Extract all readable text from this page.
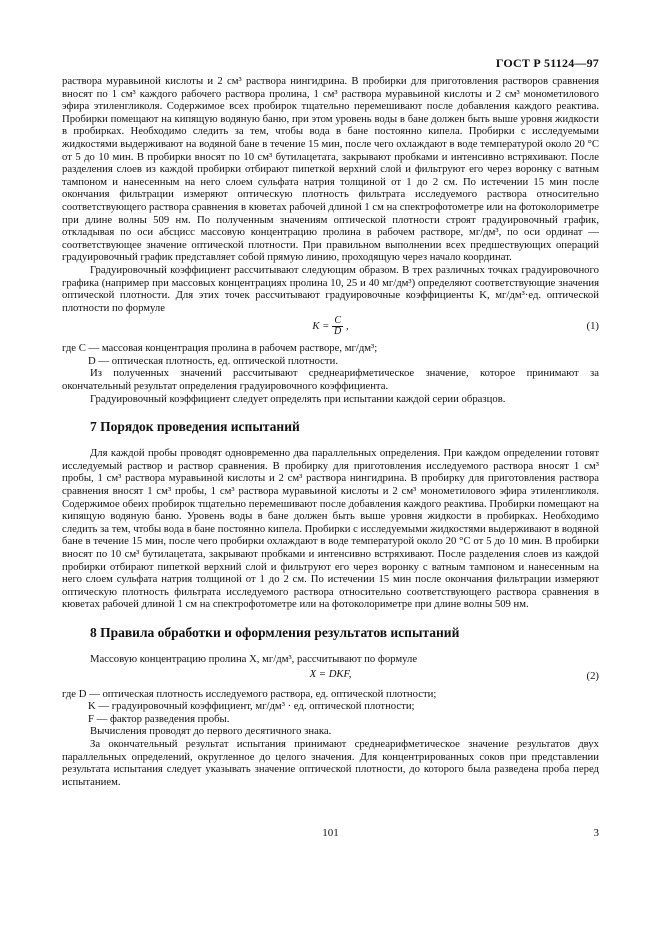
ГОСТ Р 51124—97

раствора муравьиной кислоты и 2 см³ раствора нингидрина. В пробирки для приготовления растворов сравнения вносят по 1 см³ каждого рабочего раствора пролина, 1 см³ раствора муравьиной кислоты и 2 см³ монометилового эфира этиленгликоля. Содержимое всех пробирок тщательно перемешивают после добавления каждого реактива. Пробирки помещают на кипящую водяную баню, при этом уровень воды в бане должен быть выше уровня жидкости в пробирках. Необходимо следить за тем, чтобы вода в бане постоянно кипела. Пробирки с исследуемыми жидкостями выдерживают на водяной бане в течение 15 мин, после чего охлаждают в воде температурой около 20 °С от 5 до 10 мин. В пробирки вносят по 10 см³ бутилацетата, закрывают пробками и интенсивно встряхивают. После разделения слоев из каждой пробирки отбирают пипеткой верхний слой и фильтруют его через воронку с ватным тампоном и нанесенным на него слоем сульфата натрия толщиной от 1 до 2 см. По истечении 15 мин после окончания фильтрации измеряют оптическую плотность фильтрата исследуемого раствора относительно соответствующего раствора сравнения в кюветах рабочей длиной 1 см на спектрофотометре или на фотоколориметре при длине волны 509 нм. По полученным значениям оптической плотности строят градуировочный график, откладывая по оси абсцисс массовую концентрацию пролина в рабочем растворе, мг/дм³, по оси ординат — соответствующее значение оптической плотности. При правильном выполнении всех предшествующих операций градуировочный график представляет собой прямую линию, проходящую через начало координат.

Градуировочный коэффициент рассчитывают следующим образом. В трех различных точках градуировочного графика (например при массовых концентрациях пролина 10, 25 и 40 мг/дм³) определяют соответствующие значения оптической плотности. Для этих точек рассчитывают градуировочные коэффициенты K, мг/дм³·ед. оптической плотности по формуле

$K = \frac{C}{D}$ ,	(1)
где C — массовая концентрация пролина в рабочем растворе, мг/дм³;
D — оптическая плотность, ед. оптической плотности.

Из полученных значений рассчитывают среднеарифметическое значение, которое принимают за окончательный результат определения градуировочного коэффициента.

Градуировочный коэффициент следует определять при испытании каждой серии образцов.

7 Порядок проведения испытаний

Для каждой пробы проводят одновременно два параллельных определения. При каждом определении готовят исследуемый раствор и раствор сравнения. В пробирку для приготовления исследуемого раствора вносят 1 см³ пробы, 1 см³ раствора муравьиной кислоты и 2 см³ раствора нингидрина. В пробирку для приготовления раствора сравнения вносят 1 см³ пробы, 1 см³ раствора муравьиной кислоты и 2 см³ монометилового эфира этиленгликоля. Содержимое обеих пробирок тщательно перемешивают после добавления каждого реактива. Пробирки помещают на кипящую водяную баню. Уровень воды в бане должен быть выше уровня жидкости в пробирках. Необходимо следить за тем, чтобы вода в бане постоянно кипела. Пробирки с исследуемыми жидкостями выдерживают в водяной бане в течение 15 мин, после чего пробирки охлаждают в воде температурой около 20 °С от 5 до 10 мин. В пробирки вносят по 10 см³ бутилацетата, закрывают пробками и интенсивно встряхивают. После разделения слоев из каждой пробирки отбирают пипеткой верхний слой и фильтруют его через воронку с ватным тампоном и нанесенным на него слоем сульфата натрия толщиной от 1 до 2 см. По истечении 15 мин после окончания фильтрации измеряют оптическую плотность фильтрата исследуемого раствора относительно соответствующего раствора сравнения в кюветах рабочей длиной 1 см на спектрофотометре или на фотоколориметре при длине волны 509 нм.

8 Правила обработки и оформления результатов испытаний

Массовую концентрацию пролина X, мг/дм³, рассчитывают по формуле

X = DKF,	(2)
где D — оптическая плотность исследуемого раствора, ед. оптической плотности;
K — градуировочный коэффициент, мг/дм³ · ед. оптической плотности;
F — фактор разведения пробы.

Вычисления проводят до первого десятичного знака.

За окончательный результат испытания принимают среднеарифметическое значение результатов двух параллельных определений, округленное до целого значения. Для концентрированных соков при представлении результата испытания следует указывать значение оптической плотности, до которого была разведена проба перед испытанием.

101	3
